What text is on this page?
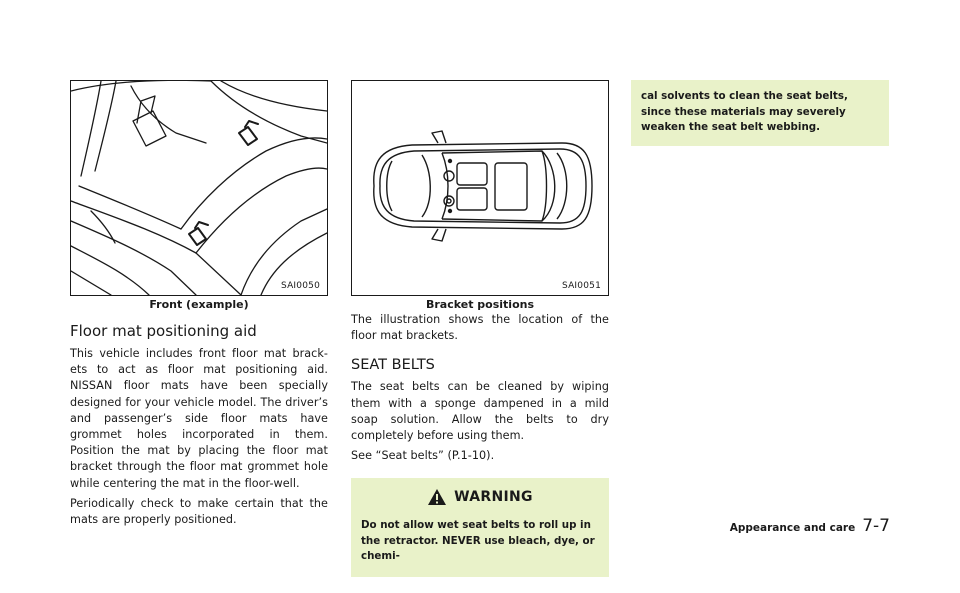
SAI0050
Front (example)
Floor mat positioning aid

This vehicle includes front floor mat brack-ets to act as floor mat positioning aid. NISSAN floor mats have been specially designed for your vehicle model. The driver’s and passenger’s side floor mats have grommet holes incorporated in them. Position the mat by placing the floor mat bracket through the floor mat grommet hole while centering the mat in the floor-well.

Periodically check to make certain that the mats are properly positioned.

SAI0051
Bracket positions

The illustration shows the location of the floor mat brackets.

SEAT BELTS

The seat belts can be cleaned by wiping them with a sponge dampened in a mild soap solution. Allow the belts to dry completely before using them.

See “Seat belts” (P.1-10).

WARNING
Do not allow wet seat belts to roll up in the retractor. NEVER use bleach, dye, or chemi-
cal solvents to clean the seat belts, since these materials may severely weaken the seat belt webbing.
Appearance and care 7-7
